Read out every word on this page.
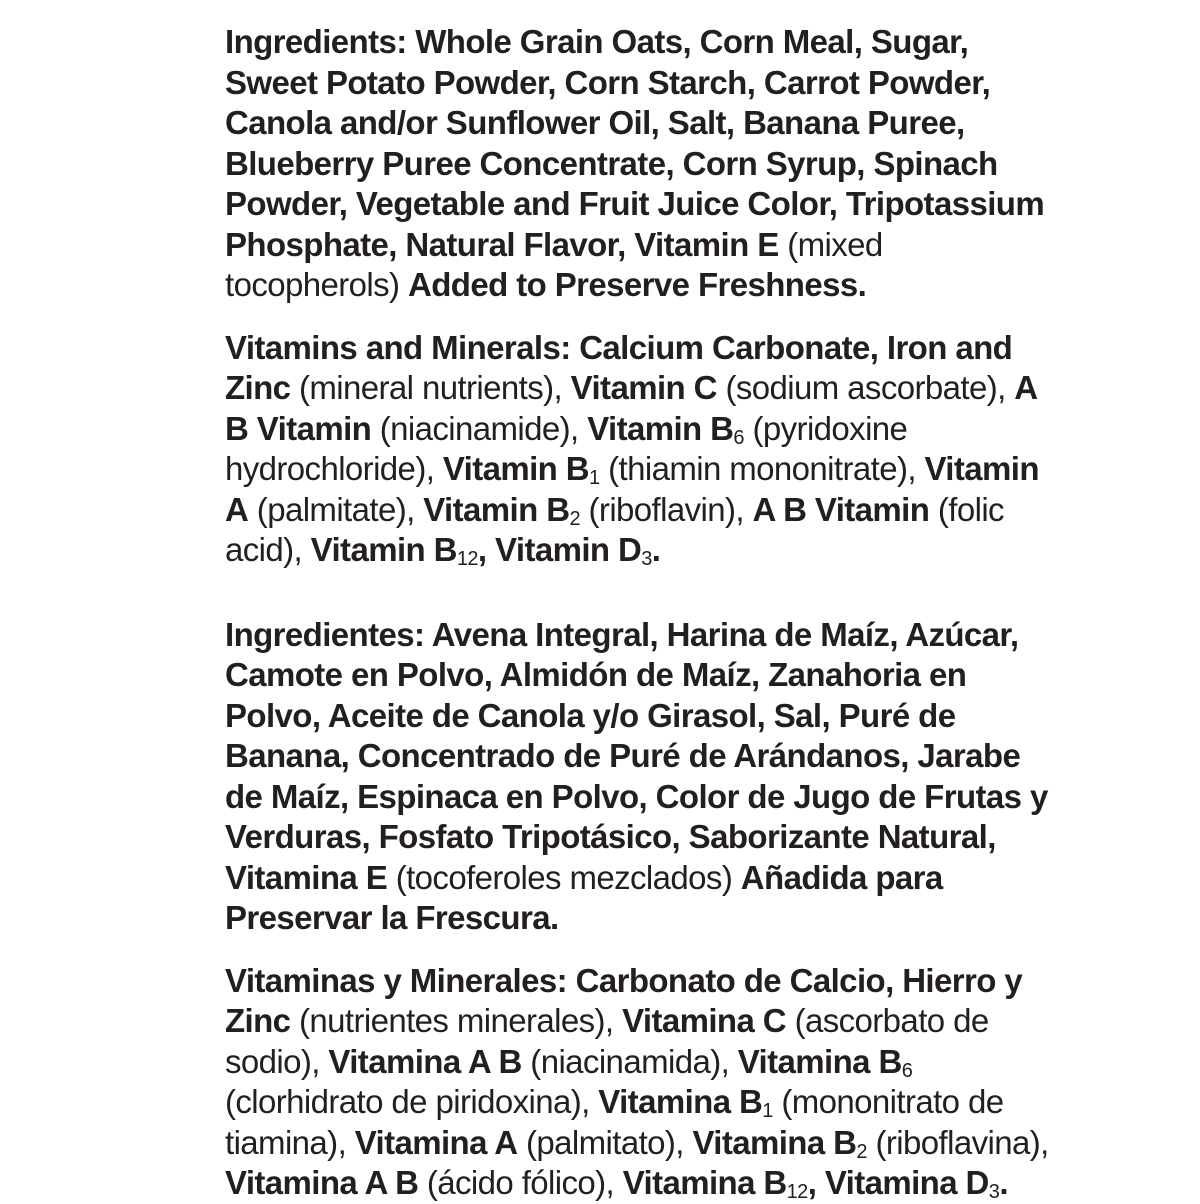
Ingredients: Whole Grain Oats, Corn Meal, Sugar,
Sweet Potato Powder, Corn Starch, Carrot Powder,
Canola and/or Sunflower Oil, Salt, Banana Puree,
Blueberry Puree Concentrate, Corn Syrup, Spinach
Powder, Vegetable and Fruit Juice Color, Tripotassium
Phosphate, Natural Flavor, Vitamin E (mixed
tocopherols) Added to Preserve Freshness.
Vitamins and Minerals: Calcium Carbonate, Iron and
Zinc (mineral nutrients), Vitamin C (sodium ascorbate), A
B Vitamin (niacinamide), Vitamin $B_6$ (pyridoxine
hydrochloride), Vitamin $B_1$ (thiamin mononitrate), Vitamin
A (palmitate), Vitamin $B_2$ (riboflavin), A B Vitamin (folic
acid), Vitamin $B_{12}$, Vitamin $D_3$.
Ingredientes: Avena Integral, Harina de Maíz, Azúcar,
Camote en Polvo, Almidón de Maíz, Zanahoria en
Polvo, Aceite de Canola y/o Girasol, Sal, Puré de
Banana, Concentrado de Puré de Arándanos, Jarabe
de Maíz, Espinaca en Polvo, Color de Jugo de Frutas y
Verduras, Fosfato Tripotásico, Saborizante Natural,
Vitamina E (tocoferoles mezclados) Añadida para
Preservar la Frescura.
Vitaminas y Minerales: Carbonato de Calcio, Hierro y
Zinc (nutrientes minerales), Vitamina C (ascorbato de
sodio), Vitamina A B (niacinamida), Vitamina $B_6$
(clorhidrato de piridoxina), Vitamina $B_1$ (mononitrato de
tiamina), Vitamina A (palmitato), Vitamina $B_2$ (riboflavina),
Vitamina A B (ácido fólico), Vitamina $B_{12}$, Vitamina $D_3$.
